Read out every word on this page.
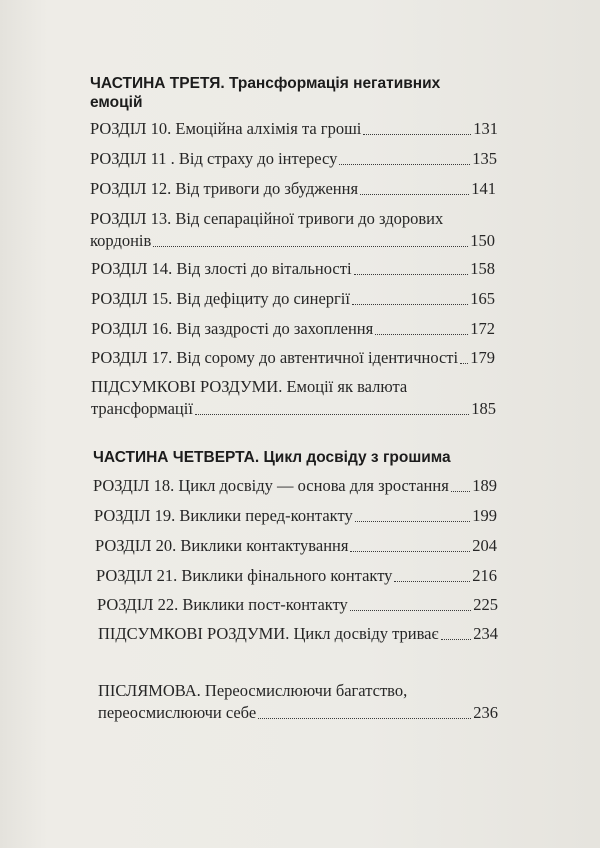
ЧАСТИНА ТРЕТЯ. Трансформація негативних
емоцій
РОЗДІЛ 10. Емоційна алхімія та гроші	131
РОЗДІЛ 11 . Від страху до інтересу	135
РОЗДІЛ 12. Від тривоги до збудження	141
РОЗДІЛ 13. Від сепараційної тривоги до здорових
кордонів	150
РОЗДІЛ 14. Від злості до вітальності	158
РОЗДІЛ 15. Від дефіциту до синергії	165
РОЗДІЛ 16. Від заздрості до захоплення	172
РОЗДІЛ 17. Від сорому до автентичної ідентичності 179
ПІДСУМКОВІ РОЗДУМИ. Емоції як валюта
трансформації	185
ЧАСТИНА ЧЕТВЕРТА. Цикл досвіду з грошима
РОЗДІЛ 18. Цикл досвіду — основа для зростання 189
РОЗДІЛ 19. Виклики перед-контакту	199
РОЗДІЛ 20. Виклики контактування	204
РОЗДІЛ 21. Виклики фінального контакту	216
РОЗДІЛ 22. Виклики пост-контакту	225
ПІДСУМКОВІ РОЗДУМИ. Цикл досвіду триває 234
ПІСЛЯМОВА. Переосмислюючи багатство,
переосмислюючи себе	236
